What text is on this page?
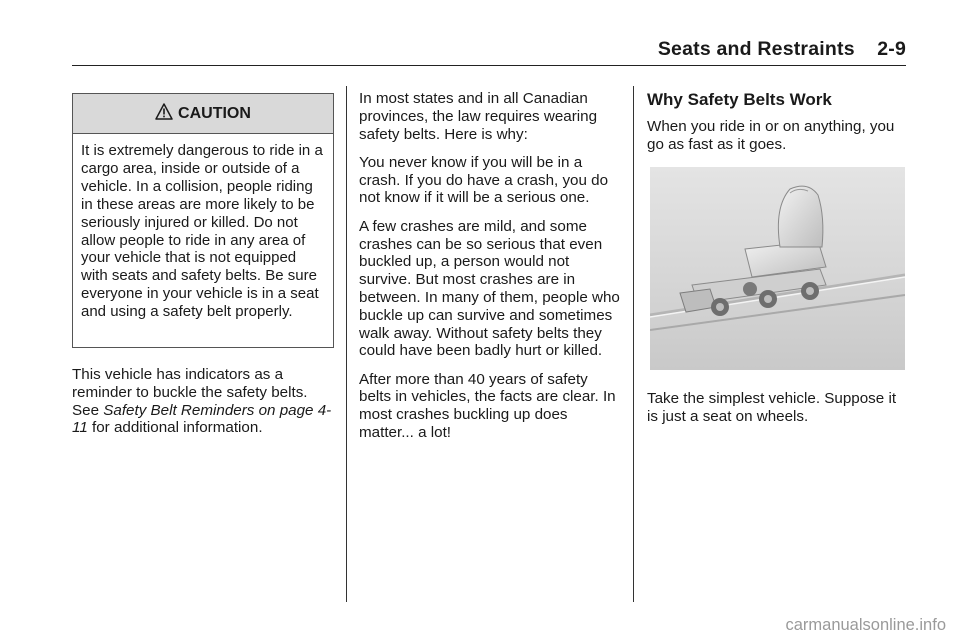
Seats and Restraints    2-9
CAUTION
It is extremely dangerous to ride in a cargo area, inside or outside of a vehicle. In a collision, people riding in these areas are more likely to be seriously injured or killed. Do not allow people to ride in any area of your vehicle that is not equipped with seats and safety belts. Be sure everyone in your vehicle is in a seat and using a safety belt properly.

This vehicle has indicators as a reminder to buckle the safety belts. See Safety Belt Reminders on page 4-11 for additional information.

In most states and in all Canadian provinces, the law requires wearing safety belts. Here is why:

You never know if you will be in a crash. If you do have a crash, you do not know if it will be a serious one.

A few crashes are mild, and some crashes can be so serious that even buckled up, a person would not survive. But most crashes are in between. In many of them, people who buckle up can survive and sometimes walk away. Without safety belts they could have been badly hurt or killed.

After more than 40 years of safety belts in vehicles, the facts are clear. In most crashes buckling up does matter... a lot!

Why Safety Belts Work

When you ride in or on anything, you go as fast as it goes.

Take the simplest vehicle. Suppose it is just a seat on wheels.

carmanualsonline.info
